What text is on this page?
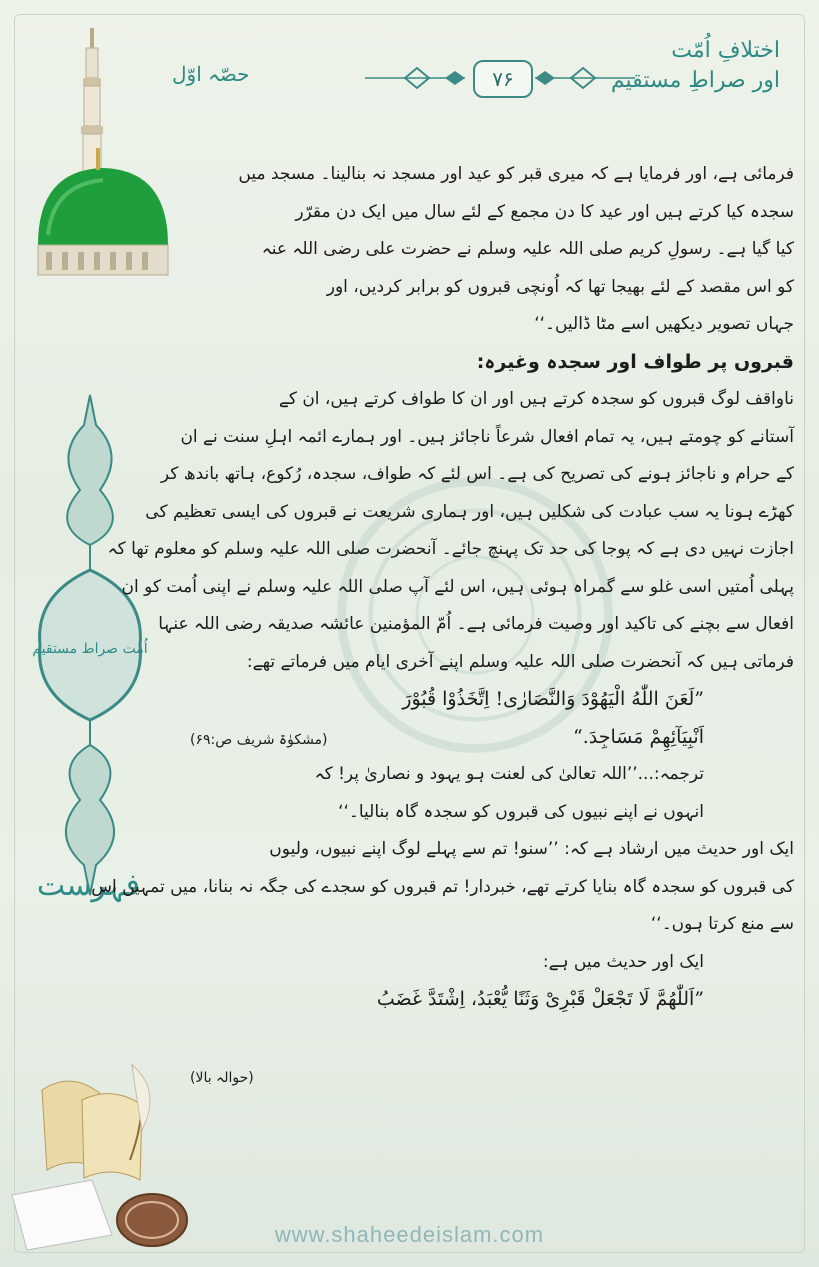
حصّہ اوّل	۷۶
اختلافِ اُمّت
اور صراطِ مستقیم
اُمت صراط مستقیم
فہرست
فرمائی ہے، اور فرمایا ہے کہ میری قبر کو عید اور مسجد نہ بنالینا۔ مسجد میں
سجدہ کیا کرتے ہیں اور عید کا دن مجمع کے لئے سال میں ایک دن مقرّر
کیا گیا ہے۔ رسولِ کریم صلی اللہ علیہ وسلم نے حضرت علی رضی اللہ عنہ
کو اس مقصد کے لئے بھیجا تھا کہ اُونچی قبروں کو برابر کردیں، اور
جہاں تصویر دیکھیں اسے مٹا ڈالیں۔‘‘
قبروں پر طواف اور سجدہ وغیرہ:
ناواقف لوگ قبروں کو سجدہ کرتے ہیں اور ان کا طواف کرتے ہیں، ان کے
آستانے کو چومتے ہیں، یہ تمام افعال شرعاً ناجائز ہیں۔ اور ہمارے ائمہ اہلِ سنت نے ان
کے حرام و ناجائز ہونے کی تصریح کی ہے۔ اس لئے کہ طواف، سجدہ، رُکوع، ہاتھ باندھ کر
کھڑے ہونا یہ سب عبادت کی شکلیں ہیں، اور ہماری شریعت نے قبروں کی ایسی تعظیم کی
اجازت نہیں دی ہے کہ پوجا کی حد تک پہنچ جائے۔ آنحضرت صلی اللہ علیہ وسلم کو معلوم تھا کہ
پہلی اُمتیں اسی غلو سے گمراہ ہوئی ہیں، اس لئے آپ صلی اللہ علیہ وسلم نے اپنی اُمت کو ان
افعال سے بچنے کی تاکید اور وصیت فرمائی ہے۔ اُمّ المؤمنین عائشہ صدیقہ رضی اللہ عنہا
فرماتی ہیں کہ آنحضرت صلی اللہ علیہ وسلم اپنے آخری ایام میں فرماتے تھے:
”لَعَنَ اللّٰهُ الْيَهُوْدَ وَالنَّصَارٰى! اِتَّخَذُوْا قُبُوْرَ
اَنْبِيَآئِهِمْ مَسَاجِدَ.“
ترجمہ:...’’اللہ تعالیٰ کی لعنت ہو یہود و نصاریٰ پر! کہ
انہوں نے اپنے نبیوں کی قبروں کو سجدہ گاہ بنالیا۔‘‘
ایک اور حدیث میں ارشاد ہے کہ: ’’سنو! تم سے پہلے لوگ اپنے نبیوں، ولیوں
کی قبروں کو سجدہ گاہ بنایا کرتے تھے، خبردار! تم قبروں کو سجدے کی جگہ نہ بنانا، میں تمہیں اس
سے منع کرتا ہوں۔‘‘
ایک اور حدیث میں ہے:
”اَللّٰهُمَّ لَا تَجْعَلْ قَبْرِىْ وَثَنًا يُّعْبَدُ، اِشْتَدَّ غَضَبُ
(مشکوٰۃ شریف ص:۶۹)
(حوالہ بالا)
www.shaheedeislam.com
